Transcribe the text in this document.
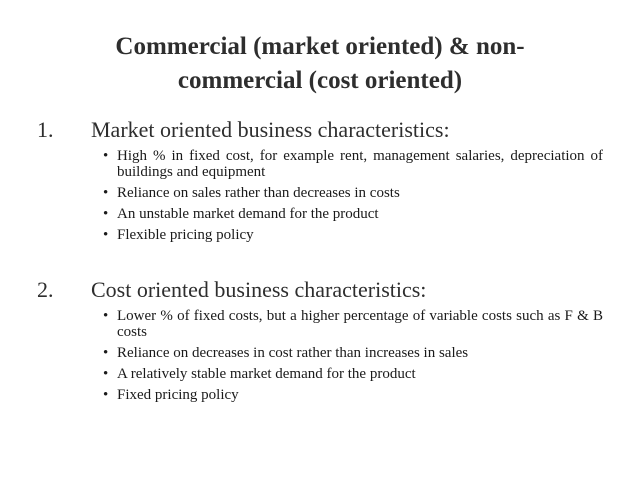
Commercial (market oriented) & non-
commercial (cost oriented)
1. Market oriented business characteristics:
• High % in fixed cost, for example rent, management salaries, depreciation of buildings and equipment
• Reliance on sales rather than decreases in costs
• An unstable market demand for the product
• Flexible pricing policy
2. Cost oriented business characteristics:
• Lower % of fixed costs, but a higher percentage of variable costs such as F & B costs
• Reliance on decreases in cost rather than increases in sales
• A relatively stable market demand for the product
• Fixed pricing policy
